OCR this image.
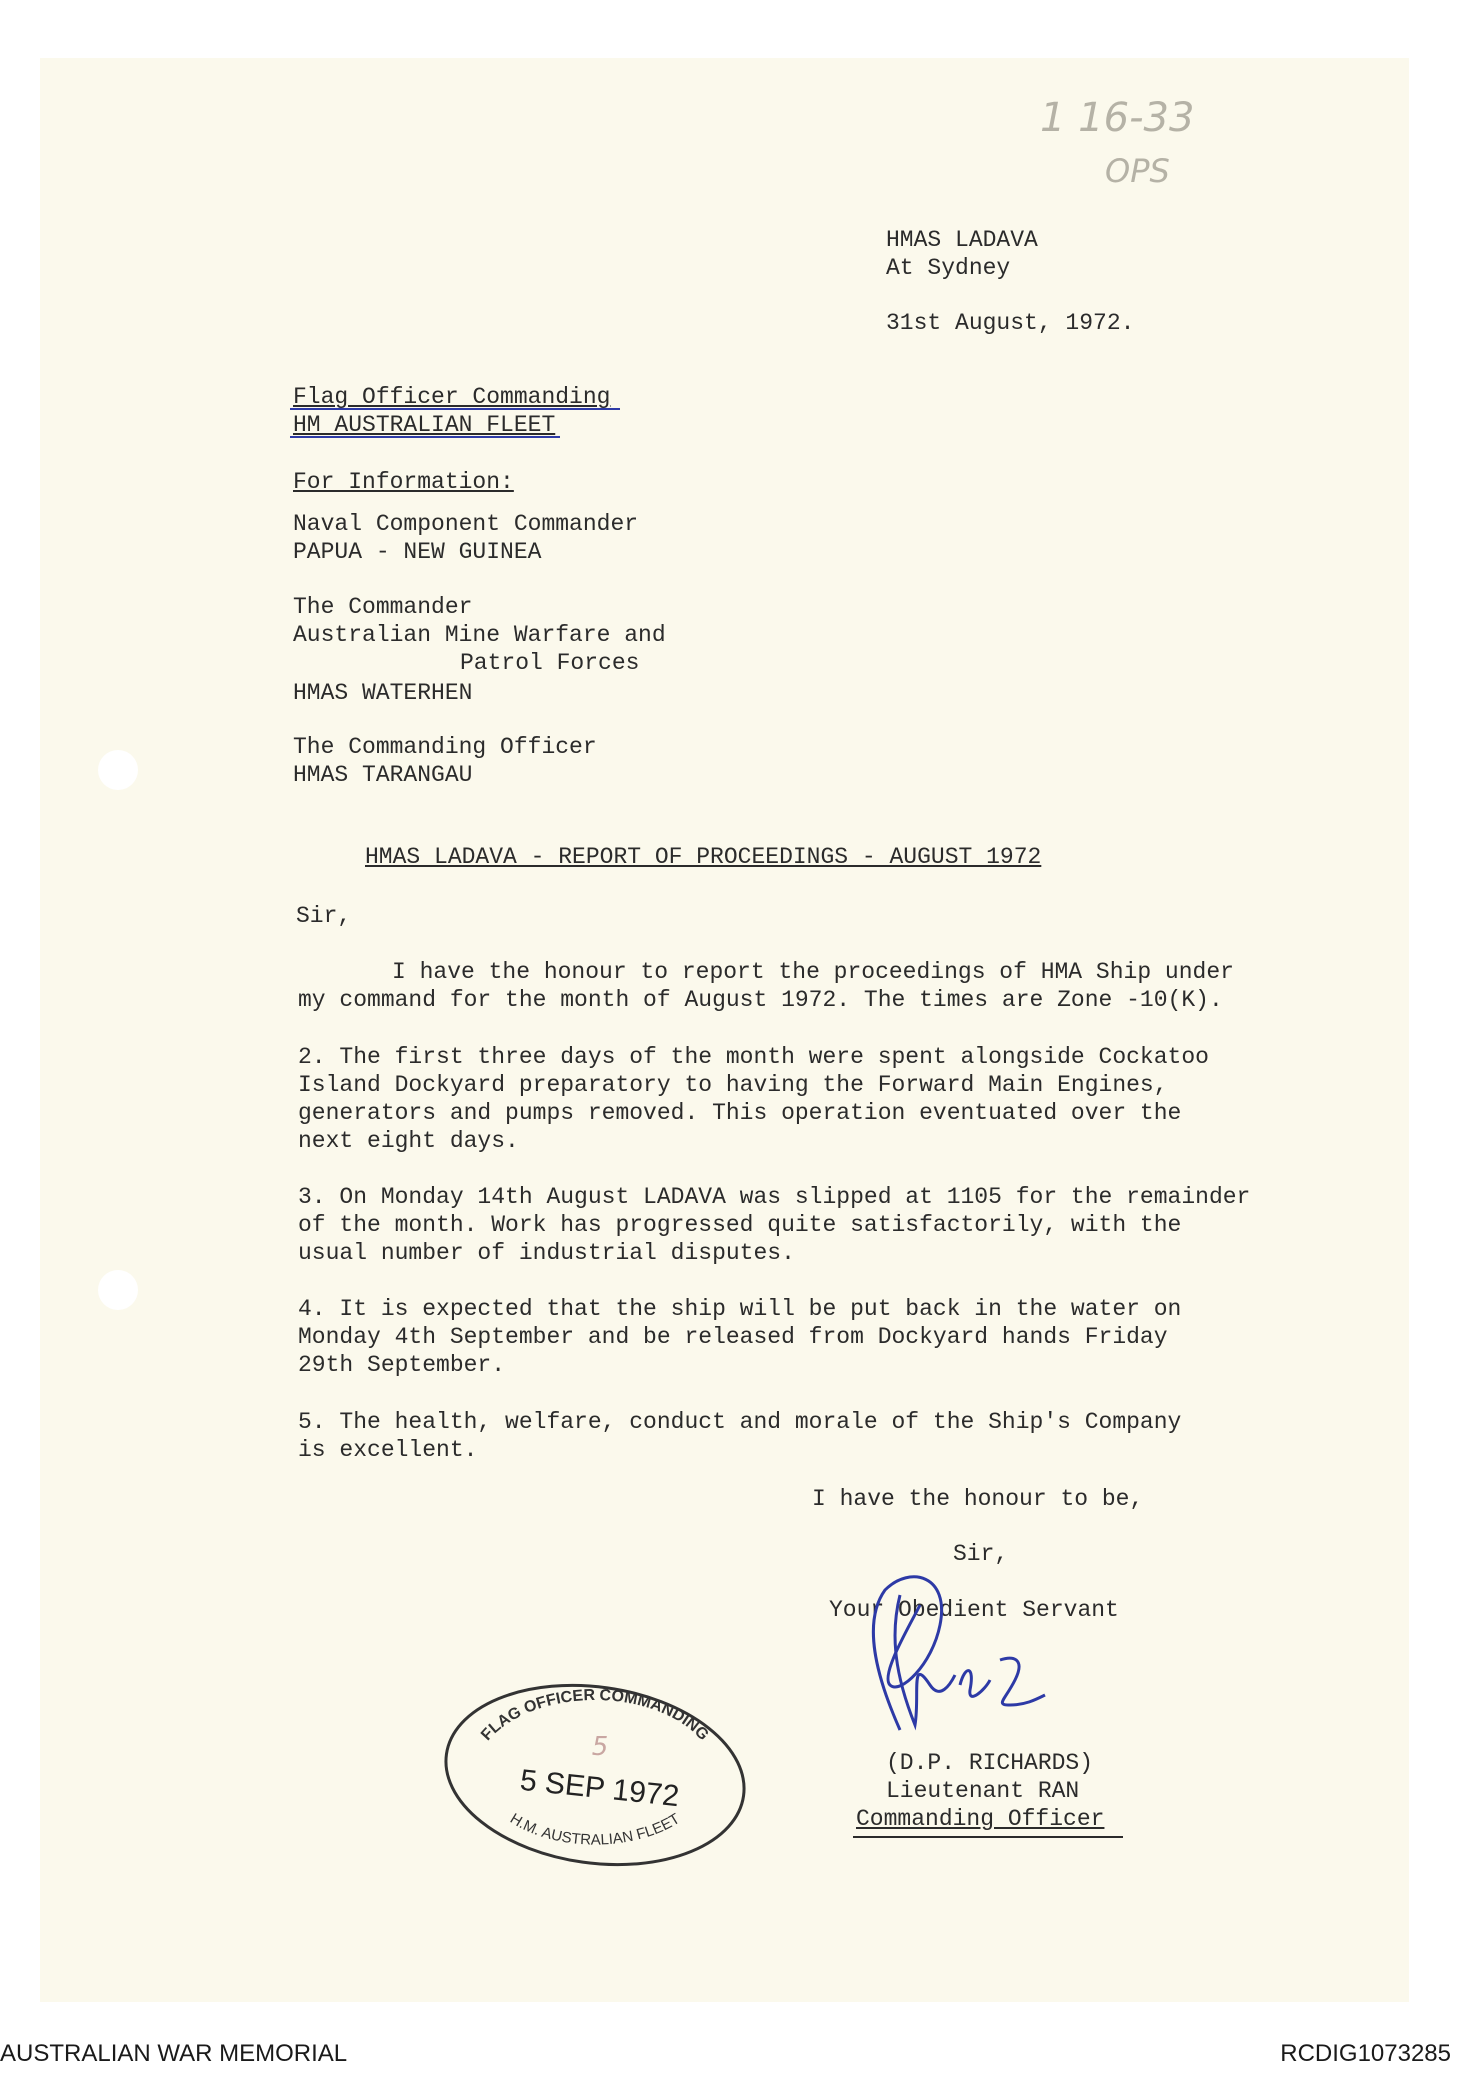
1 16-33
OPS
HMAS LADAVA
At Sydney
31st August, 1972.
Flag Officer Commanding
HM AUSTRALIAN FLEET
For Information:
Naval Component Commander
PAPUA - NEW GUINEA
The Commander
Australian Mine Warfare and
Patrol Forces
HMAS WATERHEN
The Commanding Officer
HMAS TARANGAU
HMAS LADAVA - REPORT OF PROCEEDINGS - AUGUST 1972
Sir,
I have the honour to report the proceedings of HMA Ship under
my command for the month of August 1972. The times are Zone -10(K).
2. The first three days of the month were spent alongside Cockatoo
Island Dockyard preparatory to having the Forward Main Engines,
generators and pumps removed. This operation eventuated over the
next eight days.
3. On Monday 14th August LADAVA was slipped at 1105 for the remainder
of the month. Work has progressed quite satisfactorily, with the
usual number of industrial disputes.
4. It is expected that the ship will be put back in the water on
Monday 4th September and be released from Dockyard hands Friday
29th September.
5. The health, welfare, conduct and morale of the Ship's Company
is excellent.
I have the honour to be,
Sir,
Your Obedient Servant
(D.P. RICHARDS)
Lieutenant RAN
Commanding Officer
FLAG OFFICER COMMANDING
H.M. AUSTRALIAN FLEET
5 SEP 1972
5
AUSTRALIAN WAR MEMORIAL	RCDIG1073285
